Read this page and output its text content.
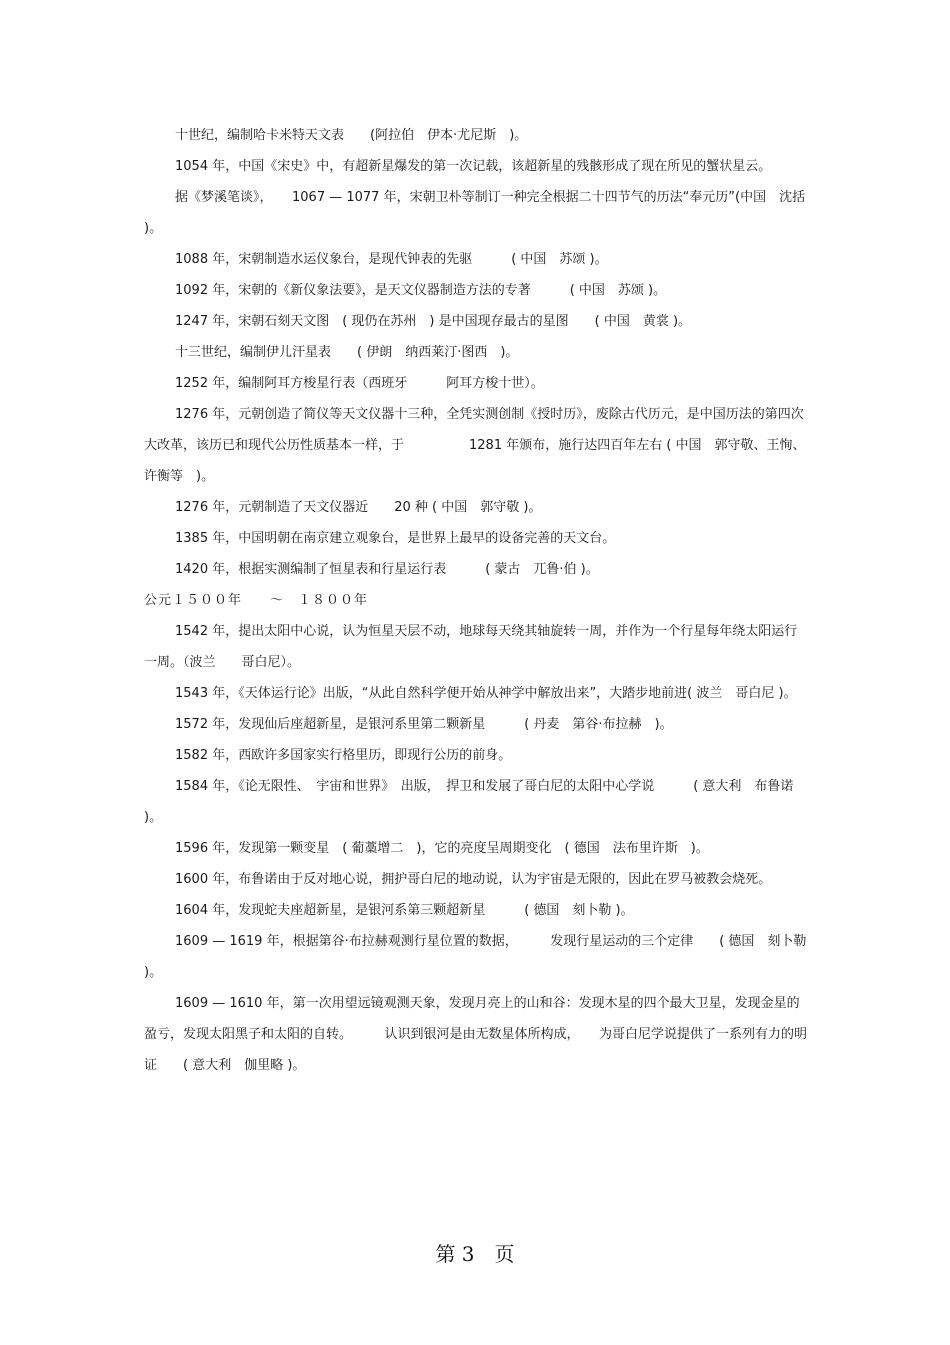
十世纪，编制哈卡米特天文表　　(阿拉伯　伊本·尤尼斯　)。

1054 年，中国《宋史》中，有超新星爆发的第一次记载，该超新星的残骸形成了现在所见的蟹状星云。

据《梦溪笔谈》，　　1067 — 1077 年，宋朝卫朴等制订一种完全根据二十四节气的历法“奉元历”(中国　沈括 )。

1088 年，宋朝制造水运仪象台，是现代钟表的先驱　　　( 中国　苏颂 )。

1092 年，宋朝的《新仪象法要》，是天文仪器制造方法的专著　　　( 中国　苏颂 )。

1247 年，宋朝石刻天文图　( 现仍在苏州　) 是中国现存最古的星图　　( 中国　黄裳 )。

十三世纪，编制伊儿汗星表　　( 伊朗　纳西莱汀·图西　)。

1252 年，编制阿耳方梭星行表（西班牙　　　阿耳方梭十世）。

1276 年，元朝创造了简仪等天文仪器十三种，全凭实测创制《授时历》，废除古代历元，是中国历法的第四次大改革，该历已和现代公历性质基本一样，于　　　　　1281 年颁布，施行达四百年左右 ( 中国　郭守敬、王恂、许衡等　)。

1276 年，元朝制造了天文仪器近　　20 种 ( 中国　郭守敬 )。

1385 年，中国明朝在南京建立观象台，是世界上最早的设备完善的天文台。

1420 年，根据实测编制了恒星表和行星运行表　　　( 蒙古　兀鲁·伯 )。

公元１５００年　　～　１８００年

1542 年，提出太阳中心说，认为恒星天层不动，地球每天绕其轴旋转一周，并作为一个行星每年绕太阳运行一周。（波兰　　哥白尼）。

1543 年，《天体运行论》出版，“从此自然科学便开始从神学中解放出来”，大踏步地前进( 波兰　哥白尼 )。

1572 年，发现仙后座超新星，是银河系里第二颗新星　　　( 丹麦　第谷·布拉赫　)。

1582 年，西欧许多国家实行格里历，即现行公历的前身。

1584 年，《论无限性、　宇宙和世界》　出版，　捍卫和发展了哥白尼的太阳中心学说　　　( 意大利　布鲁诺 )。

1596 年，发现第一颗变星　( 葡藁增二　)，它的亮度呈周期变化　( 德国　法布里许斯　)。

1600 年，布鲁诺由于反对地心说，拥护哥白尼的地动说，认为宇宙是无限的，因此在罗马被教会烧死。

1604 年，发现蛇夫座超新星，是银河系第三颗超新星　　　( 德国　刻卜勒 )。

1609 — 1619 年，根据第谷·布拉赫观测行星位置的数据，　　　发现行星运动的三个定律　　( 德国　刻卜勒 )。

1609 — 1610 年，第一次用望远镜观测天象，发现月亮上的山和谷：发现木星的四个最大卫星，发现金星的盈亏，发现太阳黑子和太阳的自转。　　　认识到银河是由无数星体所构成，　　为哥白尼学说提供了一系列有力的明证　　( 意大利　伽里略 )。

第 3　页
